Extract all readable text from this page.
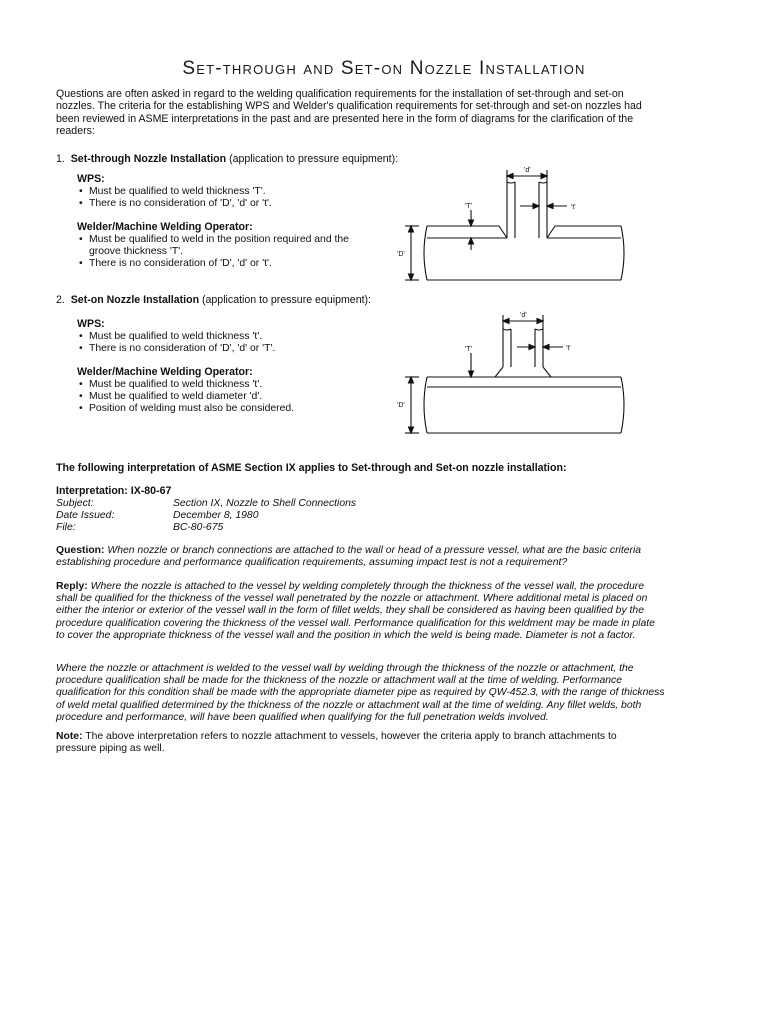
Set-through and Set-on Nozzle Installation
Questions are often asked in regard to the welding qualification requirements for the installation of set-through and set-on nozzles. The criteria for the establishing WPS and Welder's qualification requirements for set-through and set-on nozzles had been reviewed in ASME interpretations in the past and are presented here in the form of diagrams for the clarification of the readers:
1. Set-through Nozzle Installation (application to pressure equipment):
WPS:
• Must be qualified to weld thickness 'T'.
• There is no consideration of 'D', 'd' or 't'.
Welder/Machine Welding Operator:
• Must be qualified to weld in the position required and the groove thickness 'T'.
• There is no consideration of 'D', 'd' or 't'.
'd'
't'
'T'
'D'
2. Set-on Nozzle Installation (application to pressure equipment):
WPS:
• Must be qualified to weld thickness 't'.
• There is no consideration of 'D', 'd' or 'T'.
Welder/Machine Welding Operator:
• Must be qualified to weld thickness 't'.
• Must be qualified to weld diameter 'd'.
• Position of welding must also be considered.
'd'
't'
'T'
'D'
The following interpretation of ASME Section IX applies to Set-through and Set-on nozzle installation:
Interpretation: IX-80-67
Subject:	Section IX, Nozzle to Shell Connections
Date Issued:	December 8, 1980
File:	BC-80-675
Question: When nozzle or branch connections are attached to the wall or head of a pressure vessel, what are the basic criteria establishing procedure and performance qualification requirements, assuming impact test is not a requirement?
Reply: Where the nozzle is attached to the vessel by welding completely through the thickness of the vessel wall, the procedure shall be qualified for the thickness of the vessel wall penetrated by the nozzle or attachment. Where additional metal is placed on either the interior or exterior of the vessel wall in the form of fillet welds, they shall be considered as having been qualified by the procedure qualification covering the thickness of the vessel wall. Performance qualification for this weldment may be made in plate to cover the appropriate thickness of the vessel wall and the position in which the weld is being made. Diameter is not a factor.
Where the nozzle or attachment is welded to the vessel wall by welding through the thickness of the nozzle or attachment, the procedure qualification shall be made for the thickness of the nozzle or attachment wall at the time of welding. Performance qualification for this condition shall be made with the appropriate diameter pipe as required by QW-452.3, with the range of thickness of weld metal qualified determined by the thickness of the nozzle or attachment wall at the time of welding. Any fillet welds, both procedure and performance, will have been qualified when qualifying for the full penetration welds involved.
Note: The above interpretation refers to nozzle attachment to vessels, however the criteria apply to branch attachments to pressure piping as well.
